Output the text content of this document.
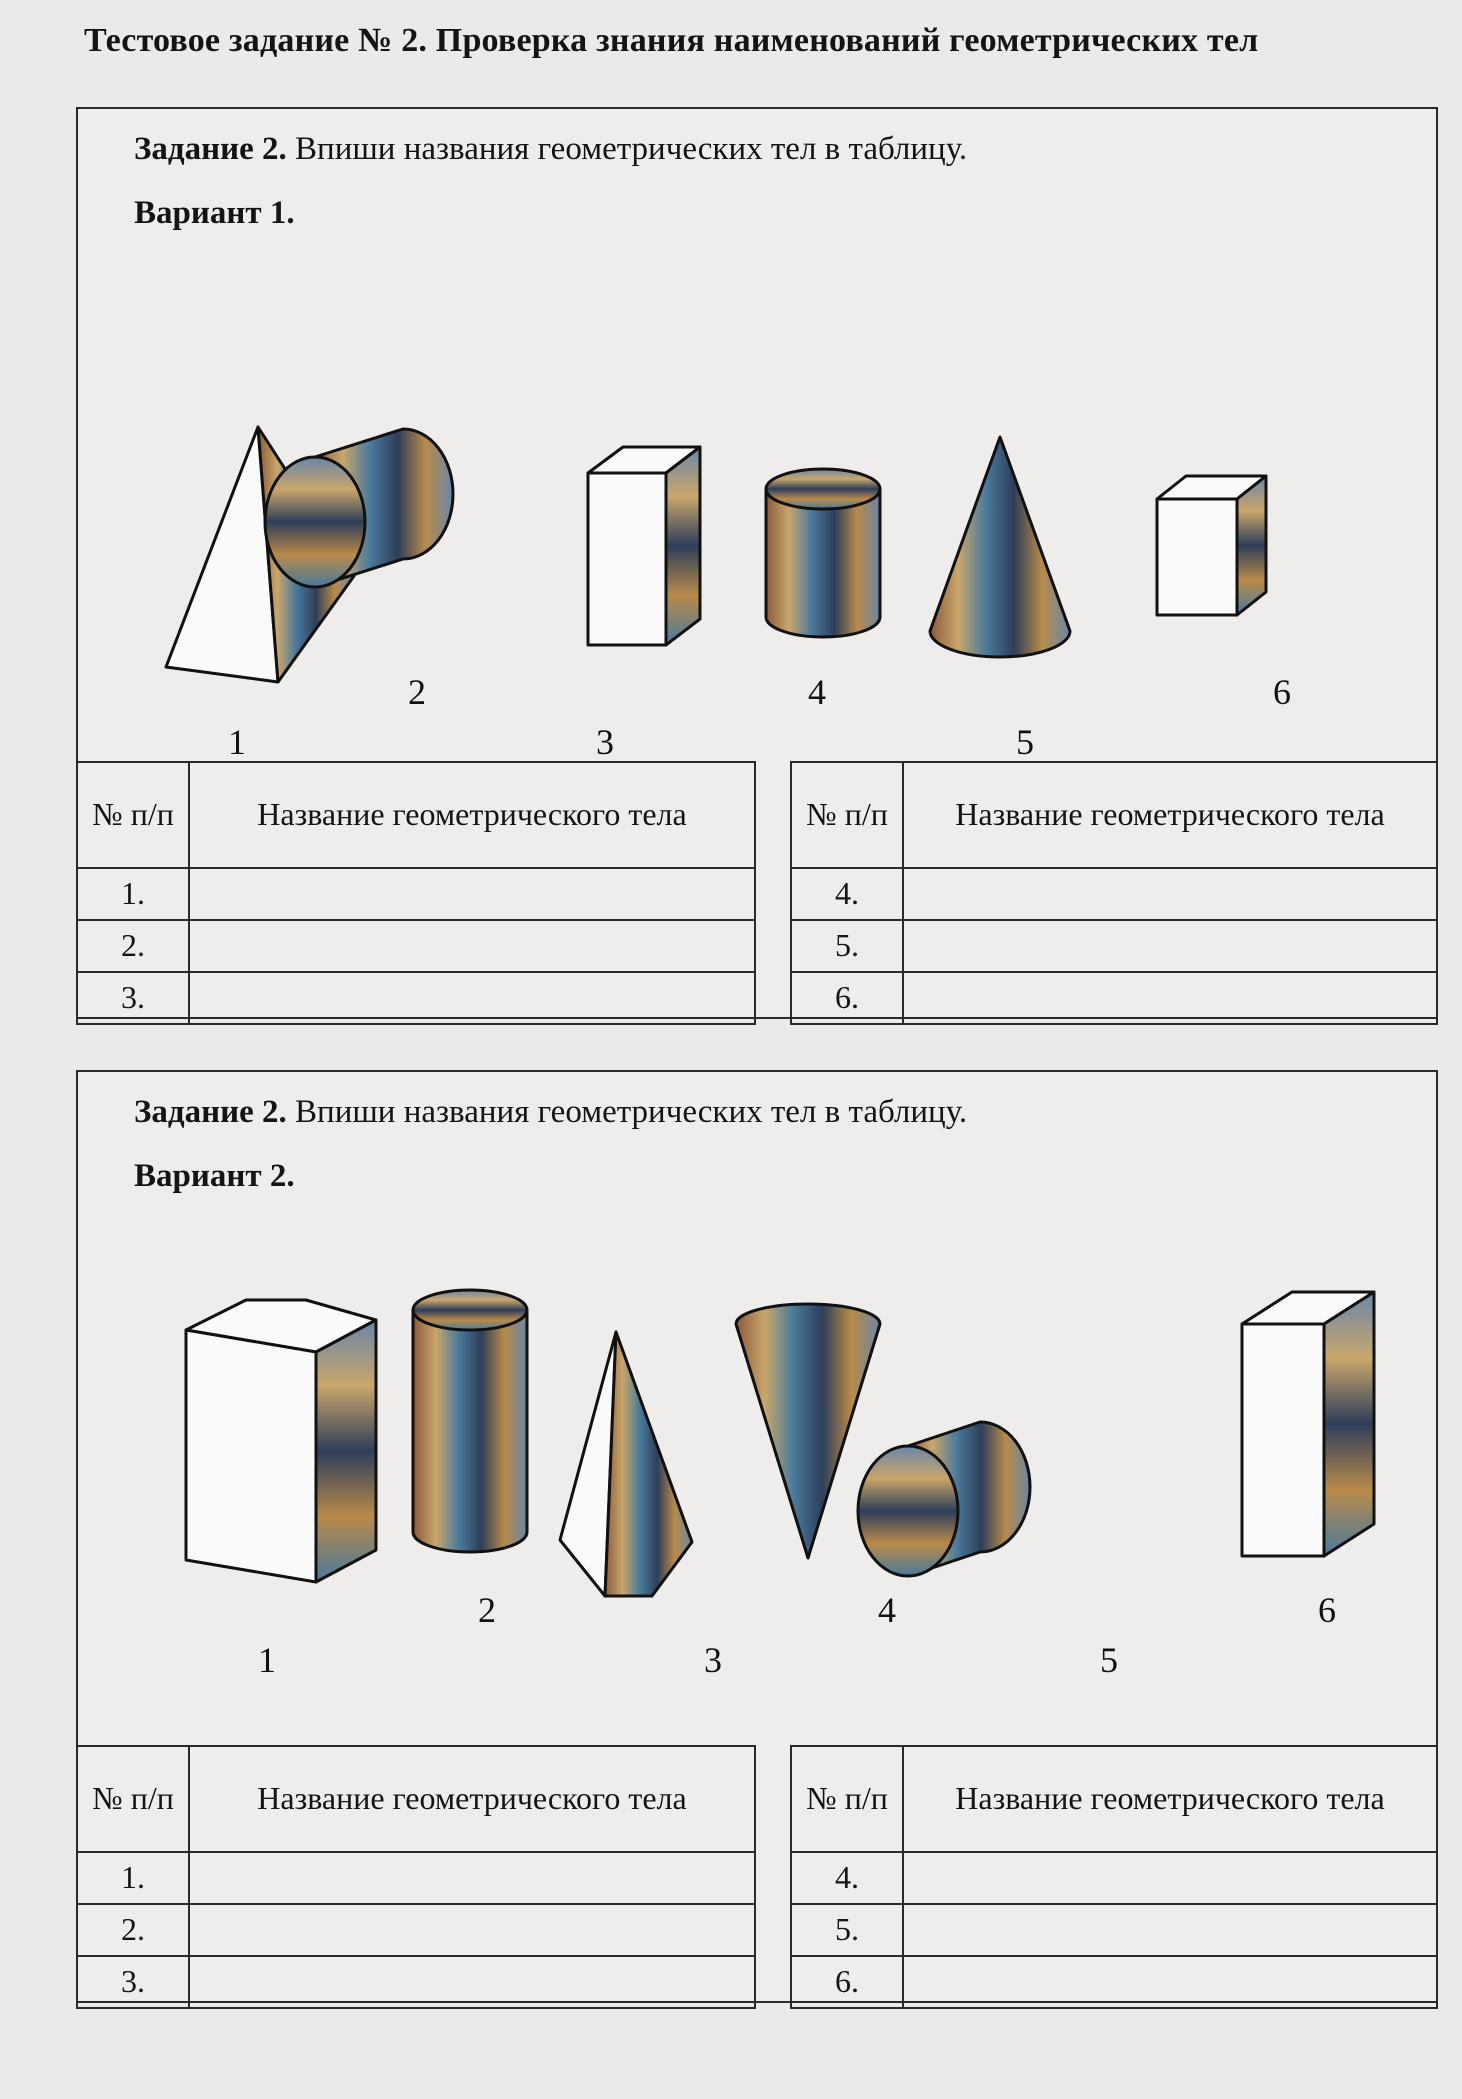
Тестовое задание № 2. Проверка знания наименований геометрических тел
Задание 2. Впиши названия геометрических тел в таблицу.
Вариант 1.
1
2
3
4
5
6
№ п/п	Название геометрического тела
1.	
2.	
3.	
№ п/п	Название геометрического тела
4.	
5.	
6.	
Задание 2. Впиши названия геометрических тел в таблицу.
Вариант 2.
1
2
3
4
5
6
№ п/п	Название геометрического тела
1.	
2.	
3.	
№ п/п	Название геометрического тела
4.	
5.	
6.	
